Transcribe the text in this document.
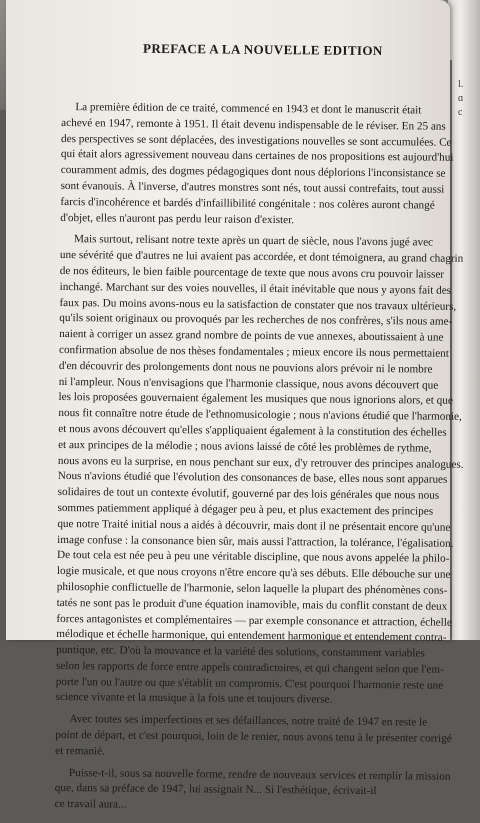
PREFACE A LA NOUVELLE EDITION
La première édition de ce traité, commencé en 1943 et dont le manuscrit était
achevé en 1947, remonte à 1951. Il était devenu indispensable de le réviser. En 25 ans
des perspectives se sont déplacées, des investigations nouvelles se sont accumulées. Ce
qui était alors agressivement nouveau dans certaines de nos propositions est aujourd'hui
couramment admis, des dogmes pédagogiques dont nous déplorions l'inconsistance se
sont évanouis. À l'inverse, d'autres monstres sont nés, tout aussi contrefaits, tout aussi
farcis d'incohérence et bardés d'infaillibilité congénitale : nos colères auront changé
d'objet, elles n'auront pas perdu leur raison d'exister.
Mais surtout, relisant notre texte après un quart de siècle, nous l'avons jugé avec
une sévérité que d'autres ne lui avaient pas accordée, et dont témoignera, au grand chagrin
de nos éditeurs, le bien faible pourcentage de texte que nous avons cru pouvoir laisser
inchangé. Marchant sur des voies nouvelles, il était inévitable que nous y ayons fait des
faux pas. Du moins avons-nous eu la satisfaction de constater que nos travaux ultérieurs,
qu'ils soient originaux ou provoqués par les recherches de nos confrères, s'ils nous ame-
naient à corriger un assez grand nombre de points de vue annexes, aboutissaient à une
confirmation absolue de nos thèses fondamentales ; mieux encore ils nous permettaient
d'en découvrir des prolongements dont nous ne pouvions alors prévoir ni le nombre
ni l'ampleur. Nous n'envisagions que l'harmonie classique, nous avons découvert que
les lois proposées gouvernaient également les musiques que nous ignorions alors, et que
nous fit connaître notre étude de l'ethnomusicologie ; nous n'avions étudié que l'harmonie,
et nous avons découvert qu'elles s'appliquaient également à la constitution des échelles
et aux principes de la mélodie ; nous avions laissé de côté les problèmes de rythme,
nous avons eu la surprise, en nous penchant sur eux, d'y retrouver des principes analogues.
Nous n'avions étudié que l'évolution des consonances de base, elles nous sont apparues
solidaires de tout un contexte évolutif, gouverné par des lois générales que nous nous
sommes patiemment appliqué à dégager peu à peu, et plus exactement des principes
que notre Traité initial nous a aidés à découvrir, mais dont il ne présentait encore qu'une
image confuse : la consonance bien sûr, mais aussi l'attraction, la tolérance, l'égalisation.
De tout cela est née peu à peu une véritable discipline, que nous avons appelée la philo-
logie musicale, et que nous croyons n'être encore qu'à ses débuts. Elle débouche sur une
philosophie conflictuelle de l'harmonie, selon laquelle la plupart des phénomènes cons-
tatés ne sont pas le produit d'une équation inamovible, mais du conflit constant de deux
forces antagonistes et complémentaires — par exemple consonance et attraction, échelle
mélodique et échelle harmonique, qui entendement harmonique et entendement contra-
puntique, etc. D'où la mouvance et la variété des solutions, constamment variables
selon les rapports de force entre appels contradictoires, et qui changent selon que l'em-
porte l'un ou l'autre ou que s'établit un compromis. C'est pourquoi l'harmonie reste une
science vivante et la musique à la fois une et toujours diverse.
Avec toutes ses imperfections et ses défaillances, notre traité de 1947 en reste le
point de départ, et c'est pourquoi, loin de le renier, nous avons tenu à le présenter corrigé
et remanié.
Puisse-t-il, sous sa nouvelle forme, rendre de nouveaux services et remplir la mission
que, dans sa préface de 1947, lui assignait N... Si l'esthétique, écrivait-il
ce travail aura...
l.
ɑ
c
